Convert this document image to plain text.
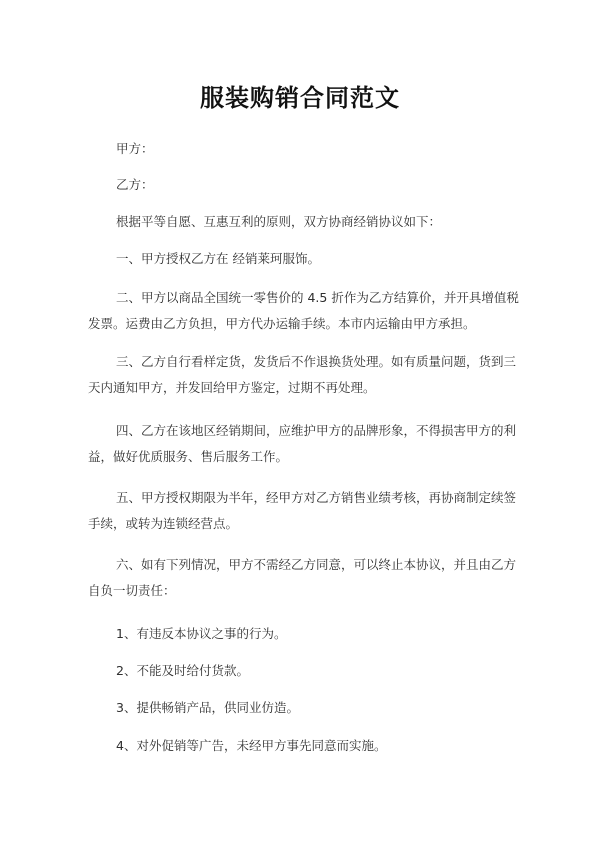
服装购销合同范文
甲方：
乙方：
根据平等自愿、互惠互利的原则，双方协商经销协议如下：
一、甲方授权乙方在 经销莱珂服饰。
二、甲方以商品全国统一零售价的 4.5 折作为乙方结算价，并开具增值税发票。运费由乙方负担，甲方代办运输手续。本市内运输由甲方承担。
三、乙方自行看样定货，发货后不作退换货处理。如有质量问题，货到三天内通知甲方，并发回给甲方鉴定，过期不再处理。
四、乙方在该地区经销期间，应维护甲方的品牌形象，不得损害甲方的利益，做好优质服务、售后服务工作。
五、甲方授权期限为半年，经甲方对乙方销售业绩考核，再协商制定续签手续，或转为连锁经营点。
六、如有下列情况，甲方不需经乙方同意，可以终止本协议，并且由乙方自负一切责任：
1、有违反本协议之事的行为。
2、不能及时给付货款。
3、提供畅销产品，供同业仿造。
4、对外促销等广告，未经甲方事先同意而实施。
